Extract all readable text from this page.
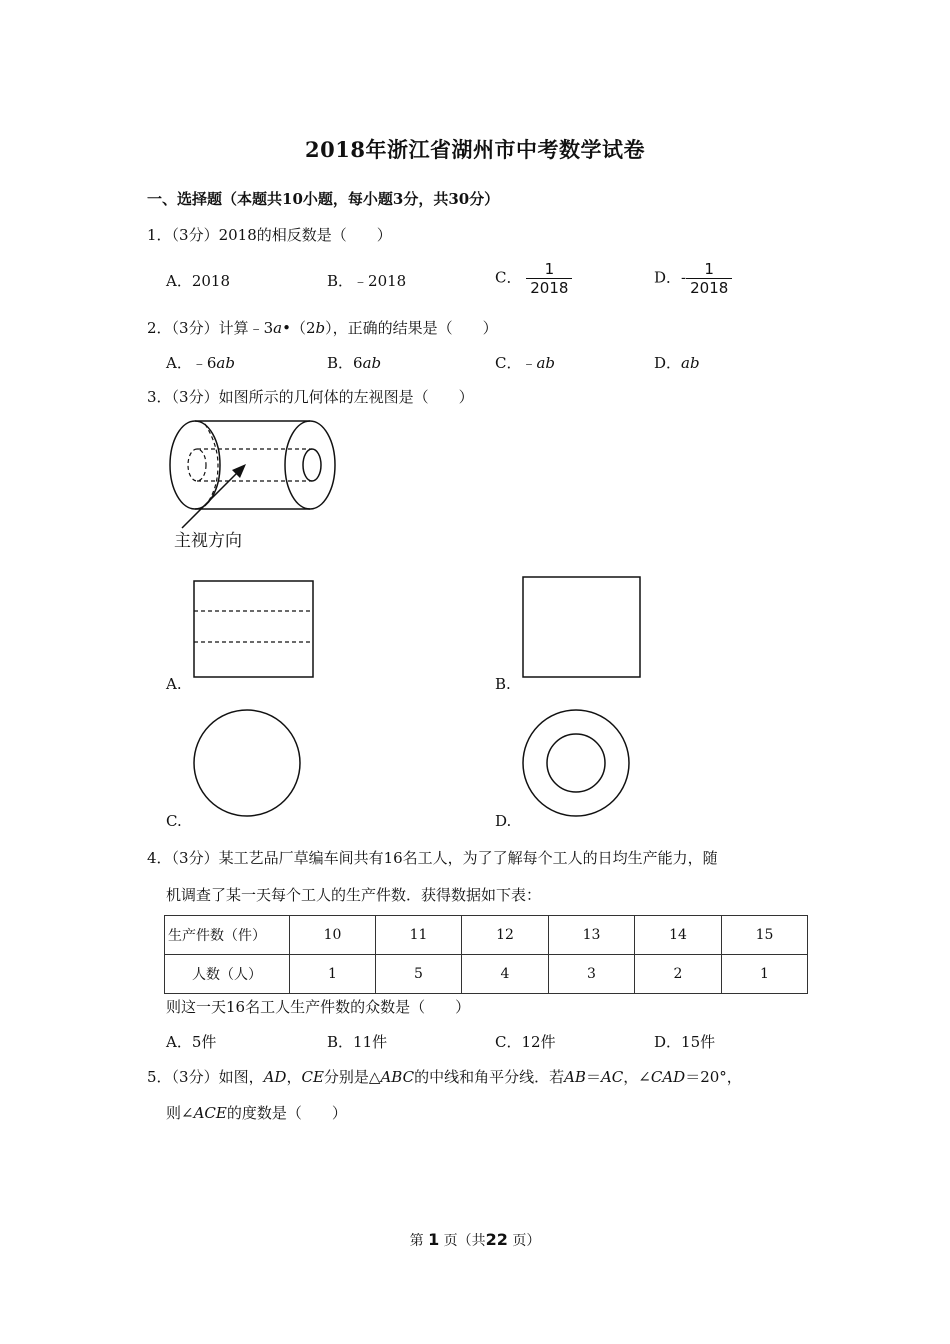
2018年浙江省湖州市中考数学试卷
一、选择题（本题共10小题，每小题3分，共30分）
1．（3分）2018的相反数是（　　）
A．2018	B．﹣2018	C． $\frac{1}{2018}$	D．- $\frac{1}{2018}$
2．（3分）计算﹣3a•（2b），正确的结果是（　　）
A．﹣6ab	B．6ab	C．﹣ab	D．ab
3．（3分）如图所示的几何体的左视图是（　　）
主视方向
A.	B.
C.	D.
4．（3分）某工艺品厂草编车间共有16名工人，为了了解每个工人的日均生产能力，随
机调查了某一天每个工人的生产件数．获得数据如下表：
生产件数（件）	10	11	12	13	14	15
人数（人）	1	5	4	3	2	1
则这一天16名工人生产件数的众数是（　　）
A．5件	B．11件	C．12件	D．15件
5．（3分）如图，AD，CE分别是△ABC的中线和角平分线．若AB＝AC，∠CAD＝20°，
则∠ACE的度数是（　　）
第 1 页（共22 页）
